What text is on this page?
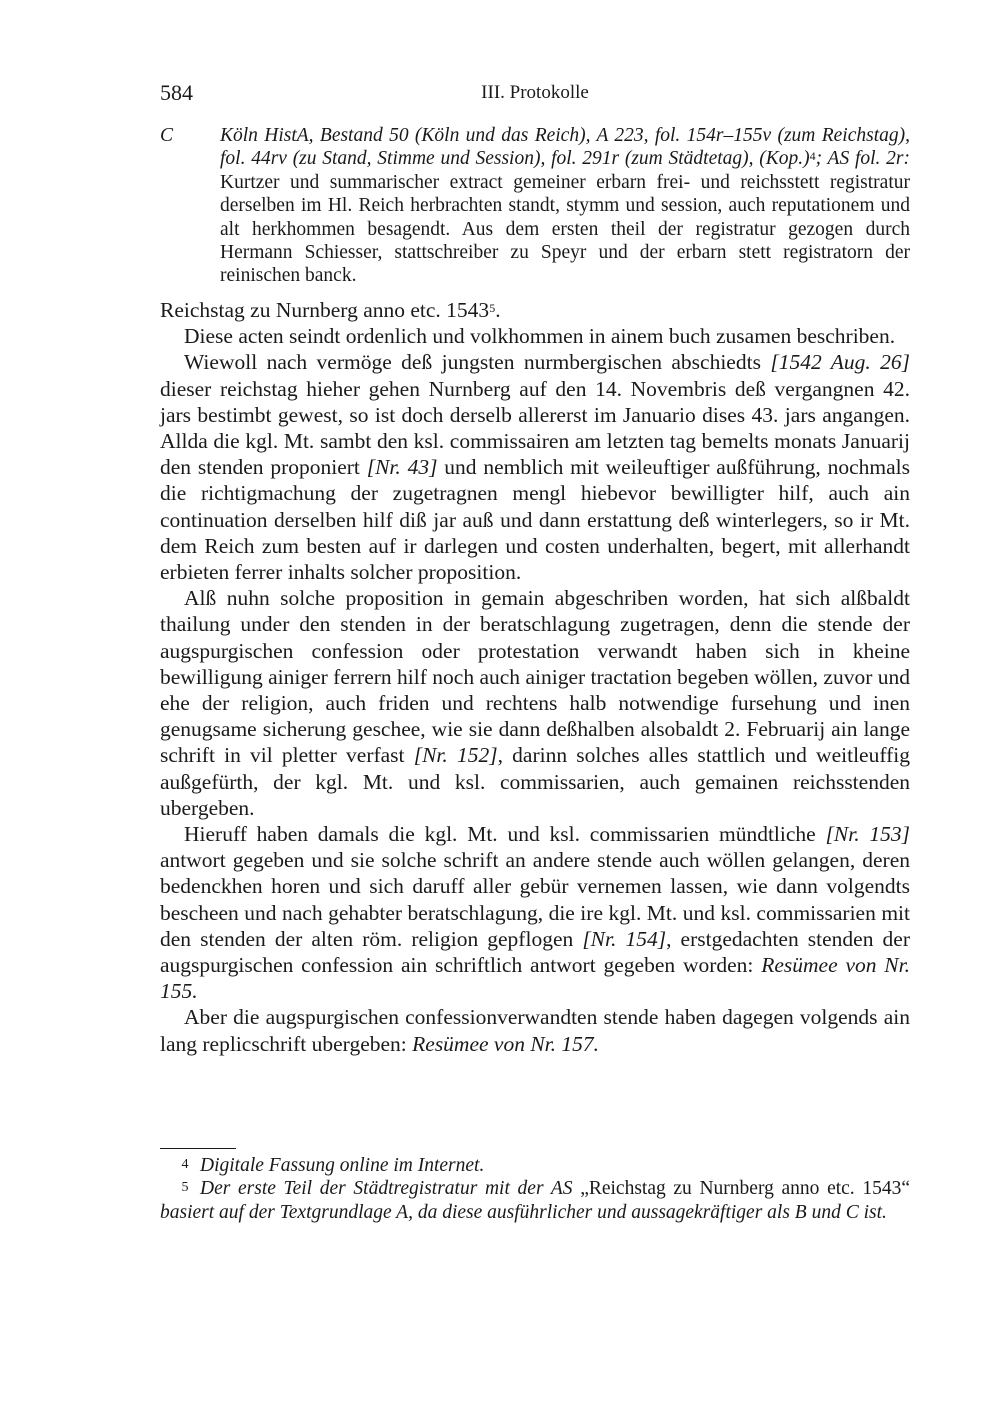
584	III. Protokolle
C Köln HistA, Bestand 50 (Köln und das Reich), A 223, fol. 154r–155v (zum Reichstag), fol. 44rv (zu Stand, Stimme und Session), fol. 291r (zum Städtetag), $(Kop.)^4$; AS fol. 2r: Kurtzer und summarischer extract gemeiner erbarn frei- und reichsstett registratur derselben im Hl. Reich herbrachten standt, stymm und session, auch reputationem und alt herkhommen besagendt. Aus dem ersten theil der registratur gezogen durch Hermann Schiesser, stattschreiber zu Speyr und der erbarn stett registratorn der reinischen banck.

Reichstag zu Nurnberg anno etc. 1543$^5$.

Diese acten seindt ordenlich und volkhommen in ainem buch zusamen beschriben.

Wiewoll nach vermöge deß jungsten nurmbergischen abschiedts [1542 Aug. 26] dieser reichstag hieher gehen Nurnberg auf den 14. Novembris deß vergangnen 42. jars bestimbt gewest, so ist doch derselb allererst im Januario dises 43. jars angangen. Allda die kgl. Mt. sambt den ksl. commissairen am letzten tag bemelts monats Januarij den stenden proponiert [Nr. 43] und nemblich mit weileuftiger außführung, nochmals die richtigmachung der zugetragnen mengl hiebevor bewilligter hilf, auch ain continuation derselben hilf diß jar auß und dann erstattung deß winterlegers, so ir Mt. dem Reich zum besten auf ir darlegen und costen underhalten, begert, mit allerhandt erbieten ferrer inhalts solcher proposition.

Alß nuhn solche proposition in gemain abgeschriben worden, hat sich alßbaldt thailung under den stenden in der beratschlagung zugetragen, denn die stende der augspurgischen confession oder protestation verwandt haben sich in kheine bewilligung ainiger ferrern hilf noch auch ainiger tractation begeben wöllen, zuvor und ehe der religion, auch friden und rechtens halb notwendige fursehung und inen genugsame sicherung geschee, wie sie dann deßhalben alsobaldt 2. Februarij ain lange schrift in vil pletter verfast [Nr. 152], darinn solches alles stattlich und weitleuffig außgefürth, der kgl. Mt. und ksl. commissarien, auch gemainen reichsstenden ubergeben.

Hieruff haben damals die kgl. Mt. und ksl. commissarien mündtliche [Nr. 153] antwort gegeben und sie solche schrift an andere stende auch wöllen gelangen, deren bedenckhen horen und sich daruff aller gebür vernemen lassen, wie dann volgendts bescheen und nach gehabter beratschlagung, die ire kgl. Mt. und ksl. commissarien mit den stenden der alten röm. religion gepflogen [Nr. 154], erstgedachten stenden der augspurgischen confession ain schriftlich antwort gegeben worden: Resümee von Nr. 155.

Aber die augspurgischen confessionverwandten stende haben dagegen volgends ain lang replicschrift ubergeben: Resümee von Nr. 157.

4 Digitale Fassung online im Internet.

5 Der erste Teil der Städtregistratur mit der AS „Reichstag zu Nurnberg anno etc. 1543“ basiert auf der Textgrundlage A, da diese ausführlicher und aussagekräftiger als B und C ist.
